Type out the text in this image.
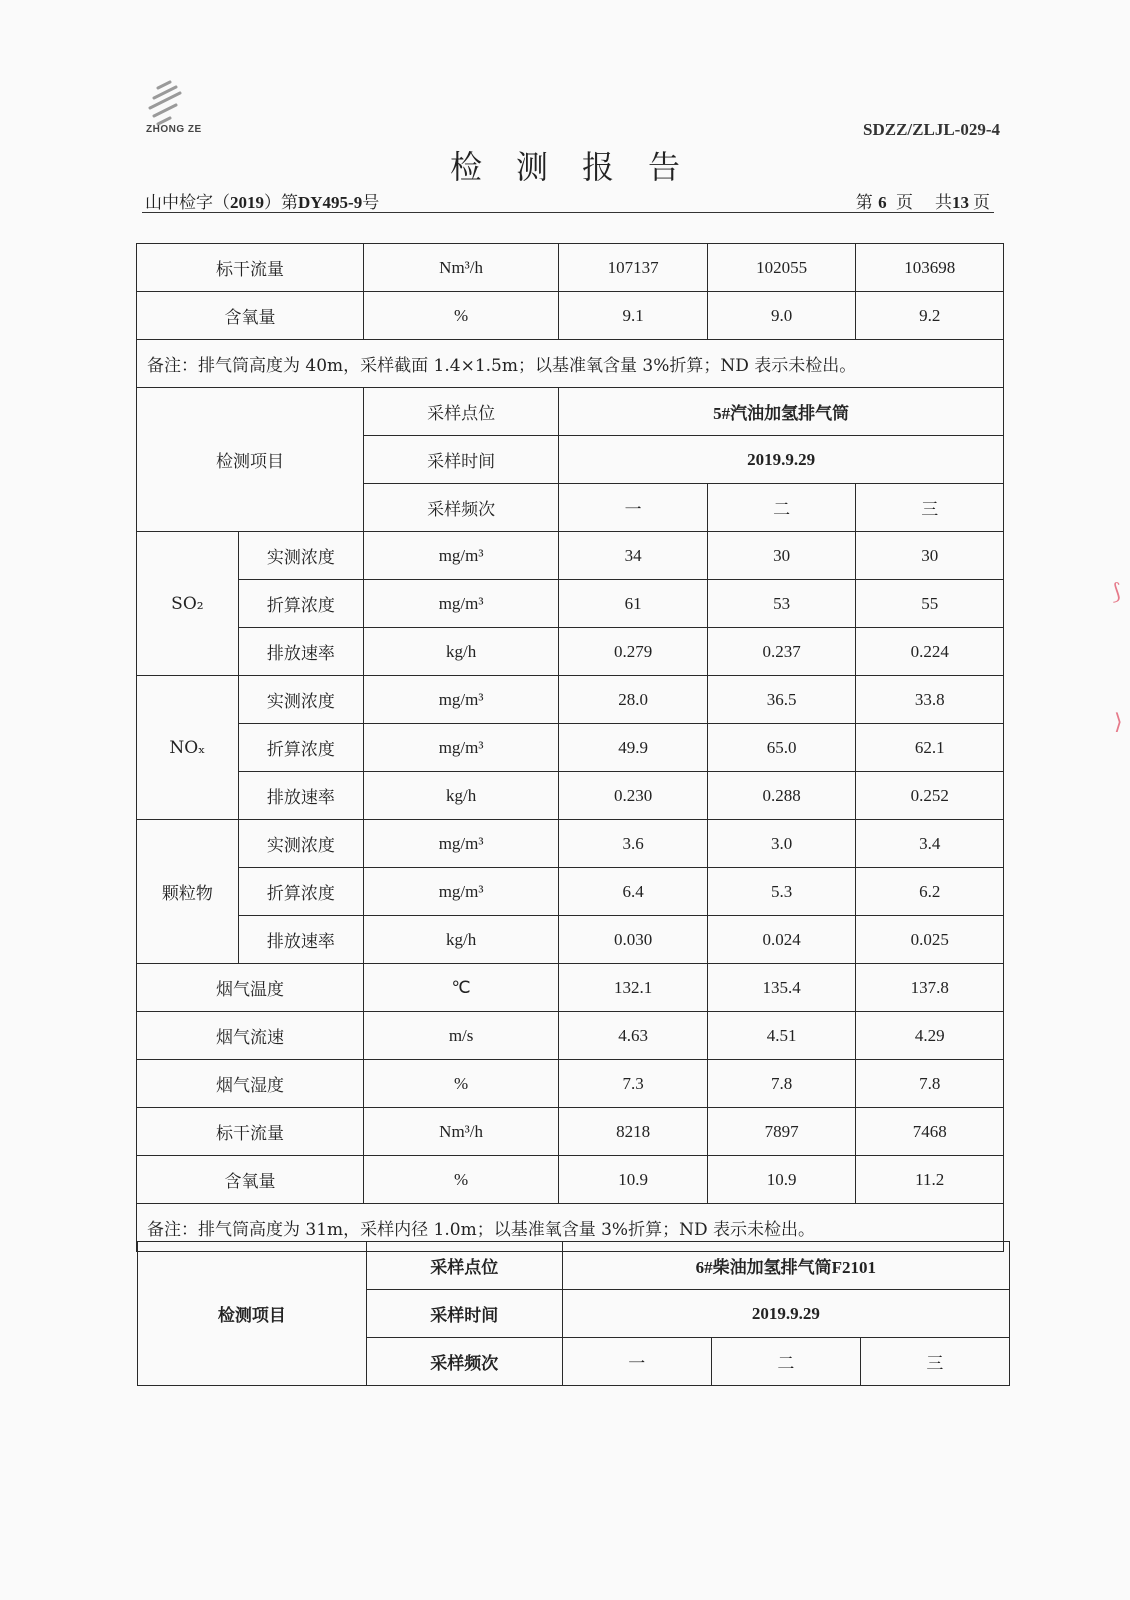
ZHONG ZE	SDZZ/ZLJL-029-4
检测报告
山中检字（2019）第DY495-9号	第 6 页 共13 页
标干流量		Nm³/h	107137	102055	103698
含氧量		%	9.1	9.0	9.2
备注：排气筒高度为 40m，采样截面 1.4×1.5m；以基准氧含量 3%折算；ND 表示未检出。					
检测项目		采样点位	5#汽油加氢排气筒		
		采样时间	2019.9.29		
		采样频次	一	二	三
SO₂	实测浓度	mg/m³	34	30	30
	折算浓度	mg/m³	61	53	55
	排放速率	kg/h	0.279	0.237	0.224
NOₓ	实测浓度	mg/m³	28.0	36.5	33.8
	折算浓度	mg/m³	49.9	65.0	62.1
	排放速率	kg/h	0.230	0.288	0.252
颗粒物	实测浓度	mg/m³	3.6	3.0	3.4
	折算浓度	mg/m³	6.4	5.3	6.2
	排放速率	kg/h	0.030	0.024	0.025
烟气温度		℃	132.1	135.4	137.8
烟气流速		m/s	4.63	4.51	4.29
烟气湿度		%	7.3	7.8	7.8
标干流量		Nm³/h	8218	7897	7468
含氧量		%	10.9	10.9	11.2
备注：排气筒高度为 31m，采样内径 1.0m；以基准氧含量 3%折算；ND 表示未检出。					
检测项目	采样点位	6#柴油加氢排气筒F2101		
	采样时间	2019.9.29		
	采样频次	一	二	三
⟆
⟩
